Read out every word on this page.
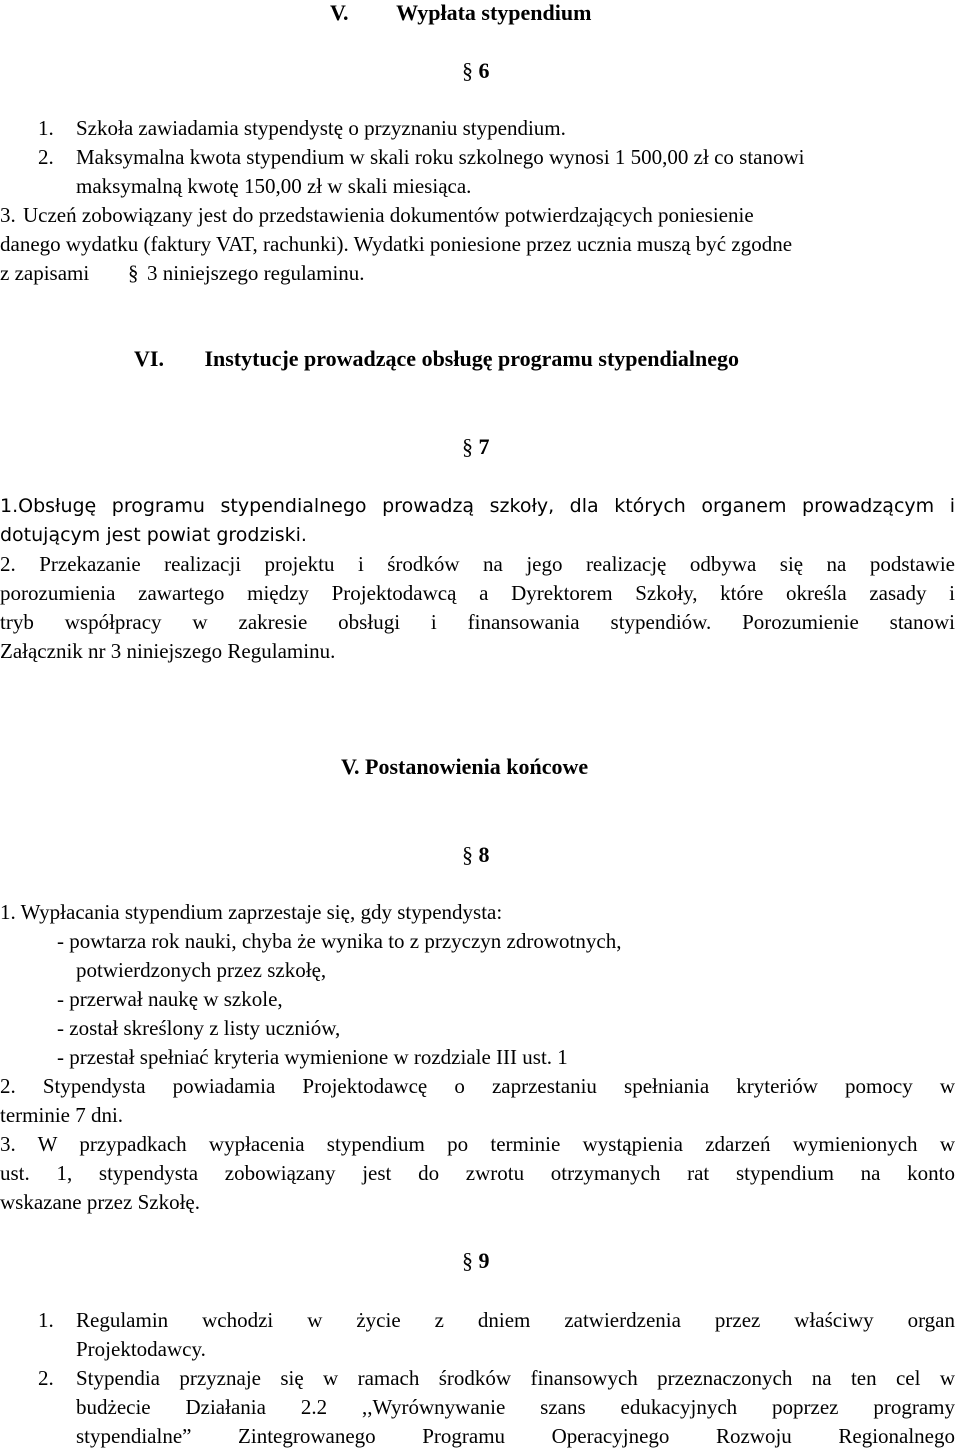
V. Wypłata stypendium
§ 6
1. Szkoła zawiadamia stypendystę o przyznaniu stypendium.
2. Maksymalna kwota stypendium w skali roku szkolnego wynosi 1 500,00 zł co stanowi
maksymalną kwotę 150,00 zł w skali miesiąca.
3. Uczeń zobowiązany jest do przedstawienia dokumentów potwierdzających poniesienie
danego wydatku (faktury VAT, rachunki). Wydatki poniesione przez ucznia muszą być zgodne
z zapisami § 3 niniejszego regulaminu.
VI. Instytucje prowadzące obsługę programu stypendialnego
§ 7
1.Obsługę programu stypendialnego prowadzą szkoły, dla których organem prowadzącym i
dotującym jest powiat grodziski.
2. Przekazanie realizacji projektu i środków na jego realizację odbywa się na podstawie
porozumienia zawartego między Projektodawcą a Dyrektorem Szkoły, które określa zasady i
tryb współpracy w zakresie obsługi i finansowania stypendiów. Porozumienie stanowi
Załącznik nr 3 niniejszego Regulaminu.
V. Postanowienia końcowe
§ 8
1. Wypłacania stypendium zaprzestaje się, gdy stypendysta:
- powtarza rok nauki, chyba że wynika to z przyczyn zdrowotnych,
potwierdzonych przez szkołę,
- przerwał naukę w szkole,
- został skreślony z listy uczniów,
- przestał spełniać kryteria wymienione w rozdziale III ust. 1
2. Stypendysta powiadamia Projektodawcę o zaprzestaniu spełniania kryteriów pomocy w
terminie 7 dni.
3. W przypadkach wypłacenia stypendium po terminie wystąpienia zdarzeń wymienionych w
ust. 1, stypendysta zobowiązany jest do zwrotu otrzymanych rat stypendium na konto
wskazane przez Szkołę.
§ 9
1. Regulamin wchodzi w życie z dniem zatwierdzenia przez właściwy organ
Projektodawcy.
2. Stypendia przyznaje się w ramach środków finansowych przeznaczonych na ten cel w
budżecie Działania 2.2 ,,Wyrównywanie szans edukacyjnych poprzez programy
stypendialne” Zintegrowanego Programu Operacyjnego Rozwoju Regionalnego
